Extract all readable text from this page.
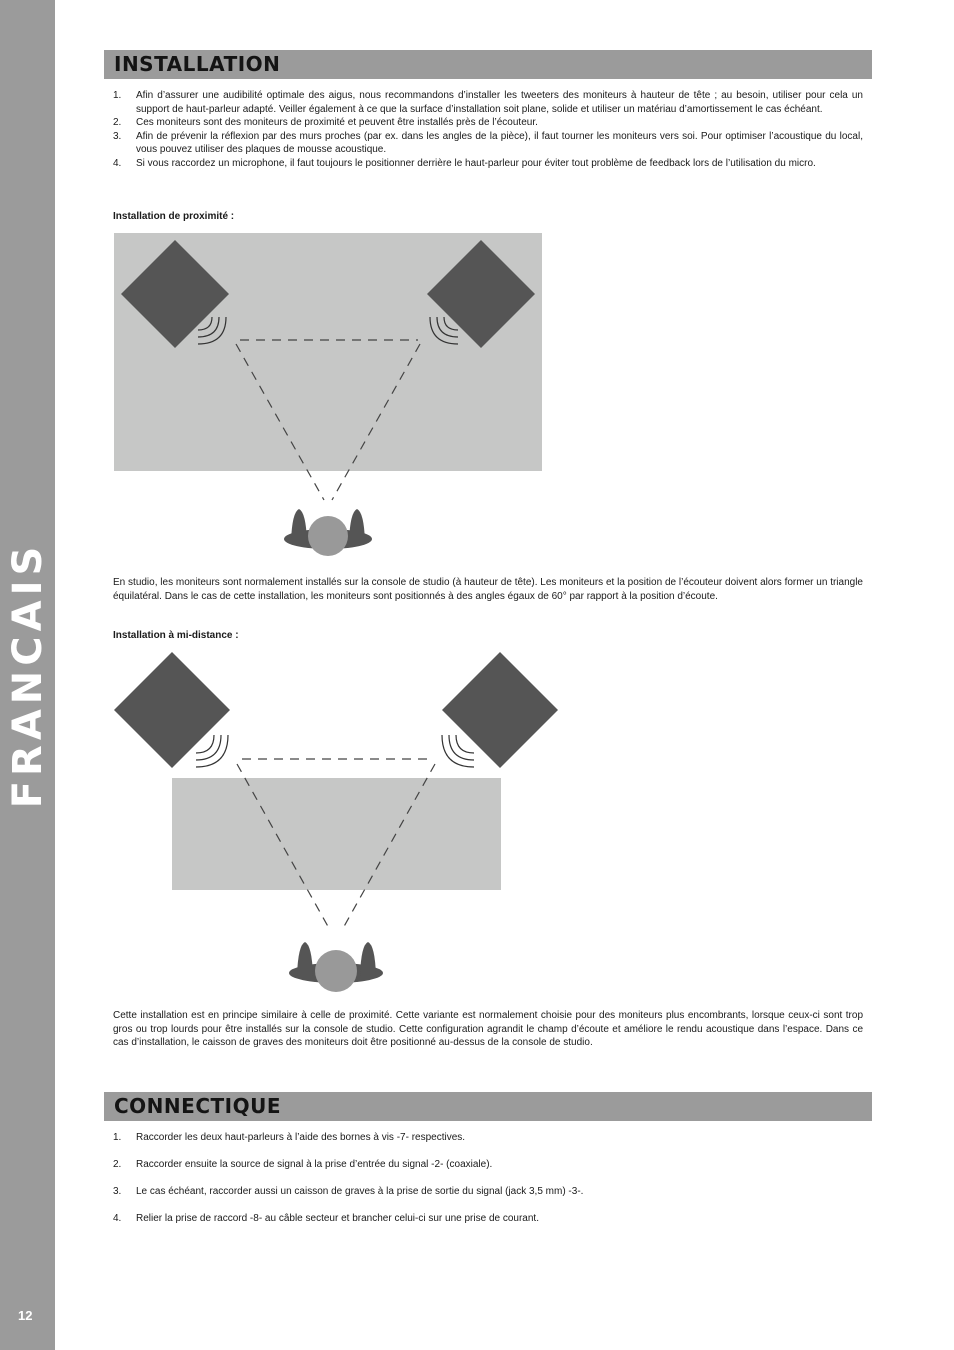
FRANCAIS
12
INSTALLATION
1. Afin d’assurer une audibilité optimale des aigus, nous recommandons d’installer les tweeters des moniteurs à hauteur de tête ; au besoin, utiliser pour cela un support de haut-parleur adapté. Veiller également à ce que la surface d’installation soit plane, solide et utiliser un matériau d’amortissement le cas échéant.
2. Ces moniteurs sont des moniteurs de proximité et peuvent être installés près de l’écouteur.
3. Afin de prévenir la réflexion par des murs proches (par ex. dans les angles de la pièce), il faut tourner les moniteurs vers soi. Pour optimiser l’acoustique du local, vous pouvez utiliser des plaques de mousse acoustique.
4. Si vous raccordez un microphone, il faut toujours le positionner derrière le haut-parleur pour éviter tout problème de feedback lors de l’utilisation du micro.

Installation de proximité :

En studio, les moniteurs sont normalement installés sur la console de studio (à hauteur de tête). Les moniteurs et la position de l’écouteur doivent alors former un triangle équilatéral. Dans le cas de cette installation, les moniteurs sont positionnés à des angles égaux de 60° par rapport à la position d’écoute.

Installation à mi-distance :

Cette installation est en principe similaire à celle de proximité. Cette variante est normalement choisie pour des moniteurs plus encombrants, lorsque ceux-ci sont trop gros ou trop lourds pour être installés sur la console de studio. Cette configuration agrandit le champ d’écoute et améliore le rendu acoustique dans l’espace. Dans ce cas d’installation, le caisson de graves des moniteurs doit être positionné au-dessus de la console de studio.

CONNECTIQUE
1. Raccorder les deux haut-parleurs à l’aide des bornes à vis -7- respectives.
2. Raccorder ensuite la source de signal à la prise d’entrée du signal -2- (coaxiale).
3. Le cas échéant, raccorder aussi un caisson de graves à la prise de sortie du signal (jack 3,5 mm) -3-.
4. Relier la prise de raccord -8- au câble secteur et brancher celui-ci sur une prise de courant.
